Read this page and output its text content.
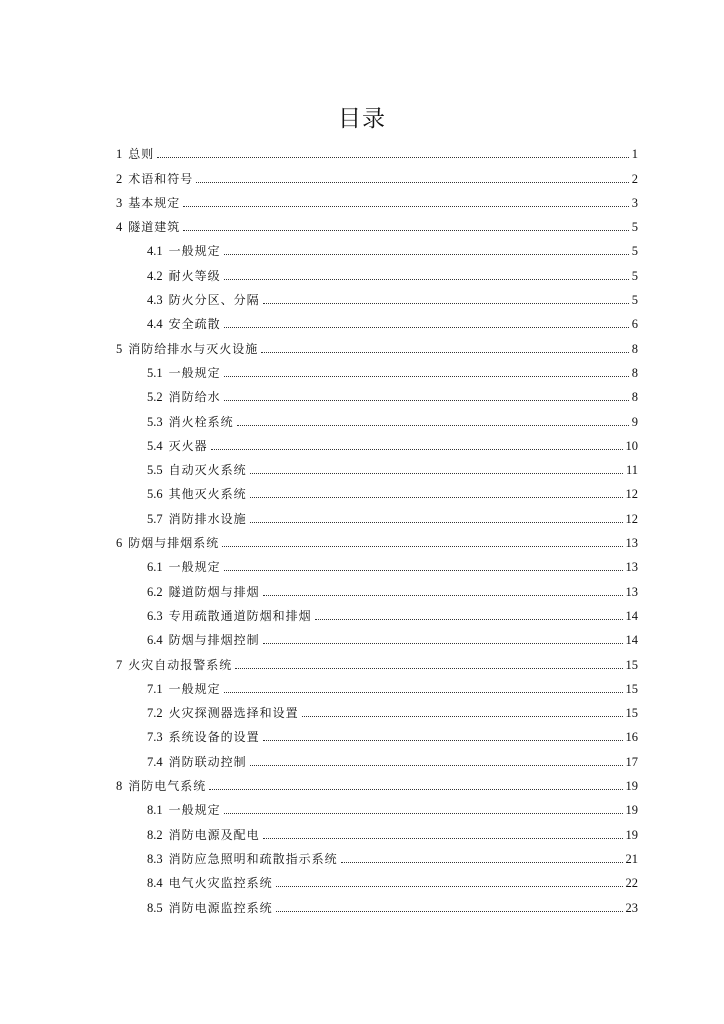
目录
1 总则	1
2 术语和符号	2
3 基本规定	3
4 隧道建筑	5
4.1 一般规定	5
4.2 耐火等级	5
4.3 防火分区、分隔	5
4.4 安全疏散	6
5 消防给排水与灭火设施	8
5.1 一般规定	8
5.2 消防给水	8
5.3 消火栓系统	9
5.4 灭火器	10
5.5 自动灭火系统	11
5.6 其他灭火系统	12
5.7 消防排水设施	12
6 防烟与排烟系统	13
6.1 一般规定	13
6.2 隧道防烟与排烟	13
6.3 专用疏散通道防烟和排烟	14
6.4 防烟与排烟控制	14
7 火灾自动报警系统	15
7.1 一般规定	15
7.2 火灾探测器选择和设置	15
7.3 系统设备的设置	16
7.4 消防联动控制	17
8 消防电气系统	19
8.1 一般规定	19
8.2 消防电源及配电	19
8.3 消防应急照明和疏散指示系统	21
8.4 电气火灾监控系统	22
8.5 消防电源监控系统	23
